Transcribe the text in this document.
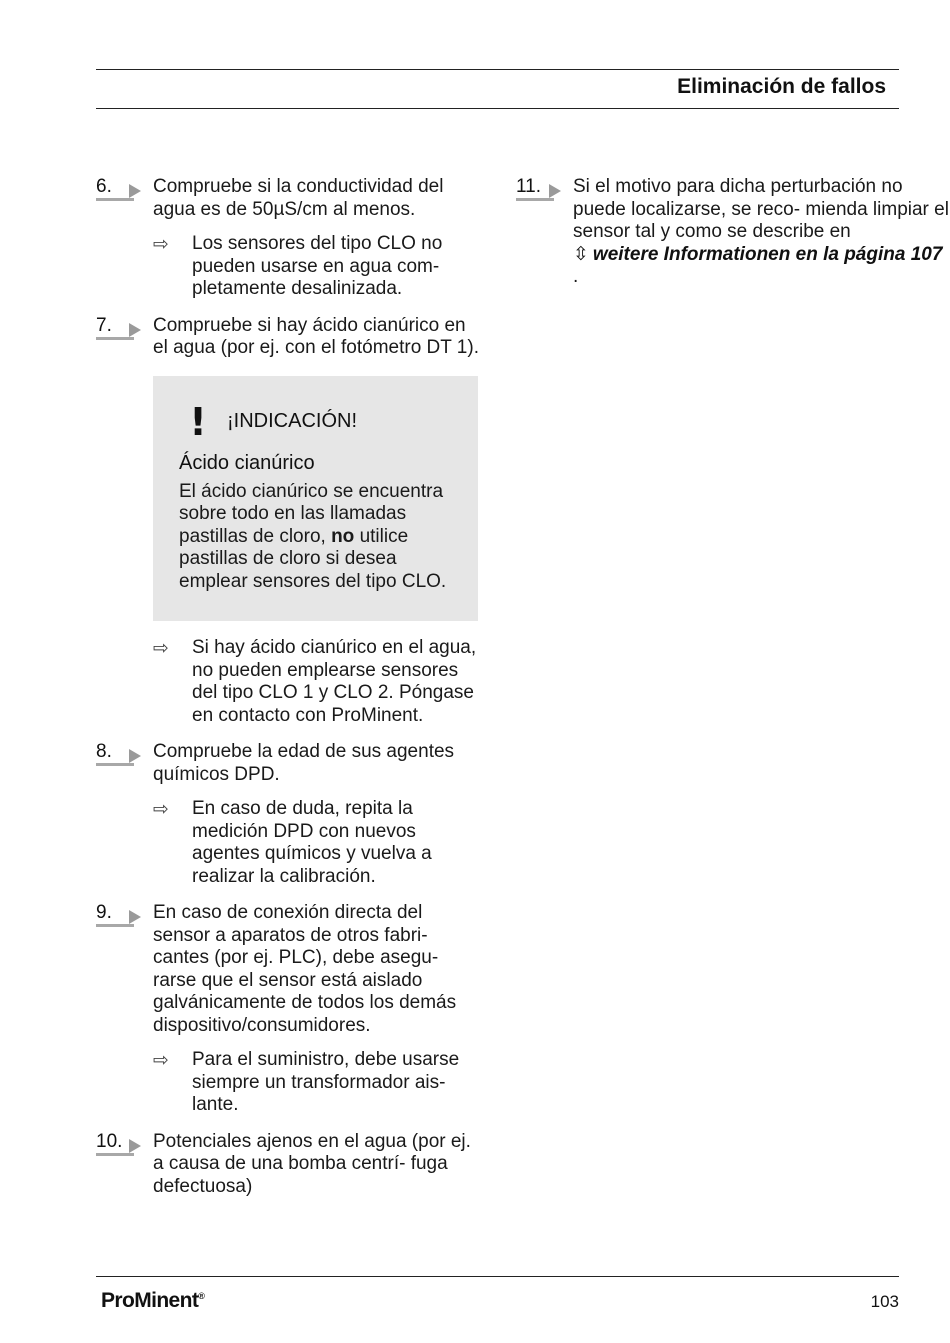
Eliminación de fallos
6.	Compruebe si la conductividad del agua es de 50µS/cm al menos.
⇨ Los sensores del tipo CLO no pueden usarse en agua com- pletamente desalinizada.
7.	Compruebe si hay ácido cianúrico en el agua (por ej. con el fotómetro DT 1).
!	¡INDICACIÓN!
Ácido cianúrico
El ácido cianúrico se encuentra sobre todo en las llamadas pastillas de cloro, no utilice pastillas de cloro si desea emplear sensores del tipo CLO.
⇨ Si hay ácido cianúrico en el agua, no pueden emplearse sensores del tipo CLO 1 y CLO 2. Póngase en contacto con ProMinent.
8.	Compruebe la edad de sus agentes químicos DPD.
⇨ En caso de duda, repita la medición DPD con nuevos agentes químicos y vuelva a realizar la calibración.
9.	En caso de conexión directa del sensor a aparatos de otros fabri- cantes (por ej. PLC), debe asegu- rarse que el sensor está aislado galvánicamente de todos los demás dispositivo/consumidores.
⇨ Para el suministro, debe usarse siempre un transformador ais- lante.
10.	Potenciales ajenos en el agua (por ej. a causa de una bomba centrí- fuga defectuosa)
11.	Si el motivo para dicha perturbación no puede localizarse, se reco- mienda limpiar el sensor tal y como se describe en
⇳ weitere Informationen en la página 107
.
ProMinent®	103
